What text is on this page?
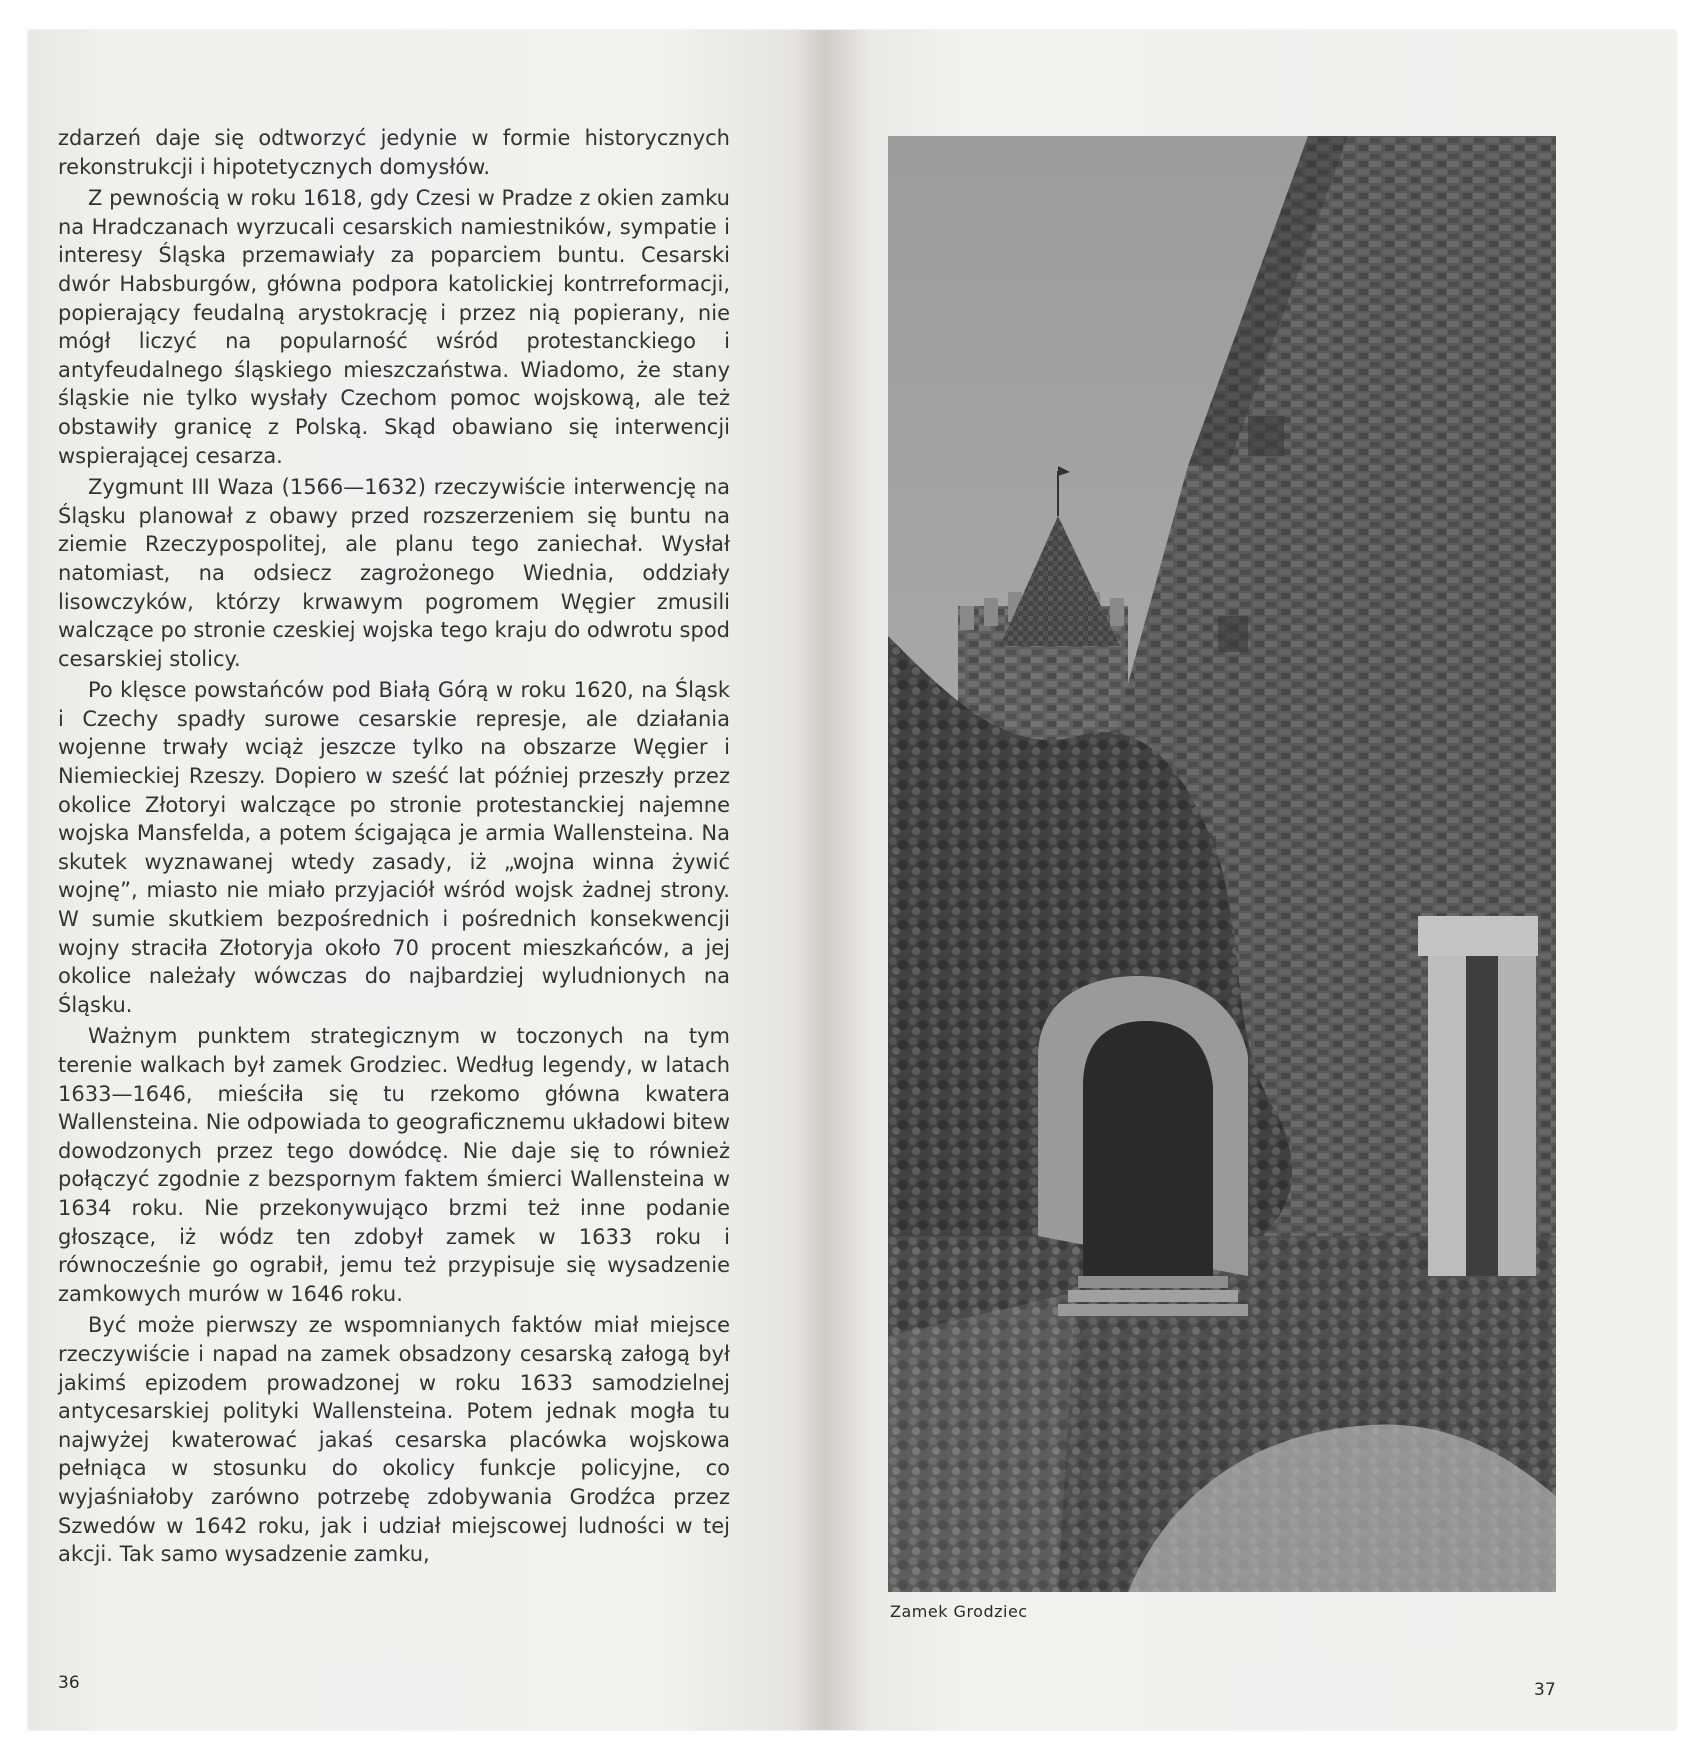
zdarzeń daje się odtworzyć jedynie w formie historycznych rekonstrukcji i hipotetycznych domysłów.

Z pewnością w roku 1618, gdy Czesi w Pradze z okien zamku na Hradczanach wyrzucali cesarskich namiestników, sympatie i interesy Śląska przemawiały za poparciem buntu. Cesarski dwór Habsburgów, główna podpora katolickiej kontrreformacji, popierający feudalną arystokrację i przez nią popierany, nie mógł liczyć na popularność wśród protestanckiego i antyfeudalnego śląskiego mieszczaństwa. Wiadomo, że stany śląskie nie tylko wysłały Czechom pomoc wojskową, ale też obstawiły granicę z Polską. Skąd obawiano się interwencji wspierającej cesarza.

Zygmunt III Waza (1566—1632) rzeczywiście interwencję na Śląsku planował z obawy przed rozszerzeniem się buntu na ziemie Rzeczypospolitej, ale planu tego zaniechał. Wysłał natomiast, na odsiecz zagrożonego Wiednia, oddziały lisowczyków, którzy krwawym pogromem Węgier zmusili walczące po stronie czeskiej wojska tego kraju do odwrotu spod cesarskiej stolicy.

Po klęsce powstańców pod Białą Górą w roku 1620, na Śląsk i Czechy spadły surowe cesarskie represje, ale działania wojenne trwały wciąż jeszcze tylko na obszarze Węgier i Niemieckiej Rzeszy. Dopiero w sześć lat później przeszły przez okolice Złotoryi walczące po stronie protestanckiej najemne wojska Mansfelda, a potem ścigająca je armia Wallensteina. Na skutek wyznawanej wtedy zasady, iż „wojna winna żywić wojnę”, miasto nie miało przyjaciół wśród wojsk żadnej strony. W sumie skutkiem bezpośrednich i pośrednich konsekwencji wojny straciła Złotoryja około 70 procent mieszkańców, a jej okolice należały wówczas do najbardziej wyludnionych na Śląsku.

Ważnym punktem strategicznym w toczonych na tym terenie walkach był zamek Grodziec. Według legendy, w latach 1633—1646, mieściła się tu rzekomo główna kwatera Wallensteina. Nie odpowiada to geograficznemu układowi bitew dowodzonych przez tego dowódcę. Nie daje się to również połączyć zgodnie z bezspornym faktem śmierci Wallensteina w 1634 roku. Nie przekonywująco brzmi też inne podanie głoszące, iż wódz ten zdobył zamek w 1633 roku i równocześnie go ograbił, jemu też przypisuje się wysadzenie zamkowych murów w 1646 roku.

Być może pierwszy ze wspomnianych faktów miał miejsce rzeczywiście i napad na zamek obsadzony cesarską załogą był jakimś epizodem prowadzonej w roku 1633 samodzielnej antycesarskiej polityki Wallensteina. Potem jednak mogła tu najwyżej kwaterować jakaś cesarska placówka wojskowa pełniąca w stosunku do okolicy funkcje policyjne, co wyjaśniałoby zarówno potrzebę zdobywania Grodźca przez Szwedów w 1642 roku, jak i udział miejscowej ludności w tej akcji. Tak samo wysadzenie zamku,

36
Zamek Grodziec
37
